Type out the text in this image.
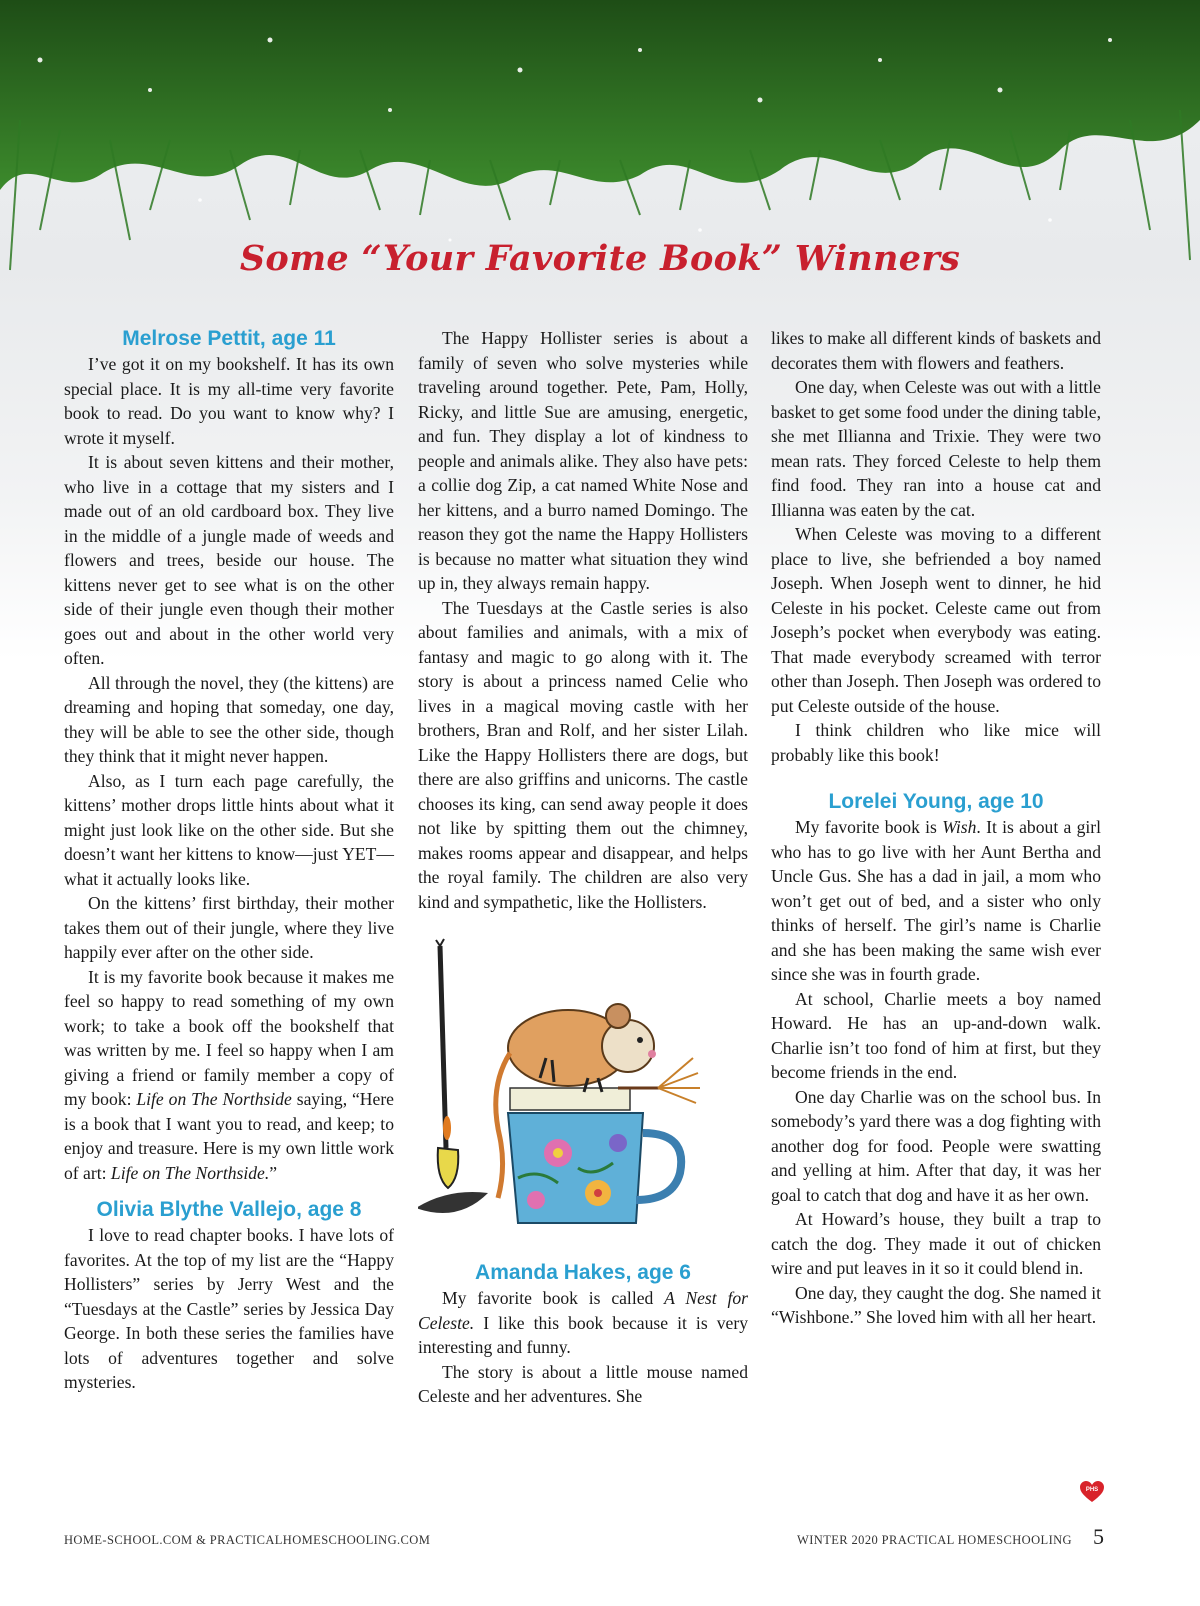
Some “Your Favorite Book” Winners

Melrose Pettit, age 11

I’ve got it on my bookshelf. It has its own special place. It is my all-time very favorite book to read. Do you want to know why? I wrote it myself.

It is about seven kittens and their mother, who live in a cottage that my sisters and I made out of an old cardboard box. They live in the middle of a jungle made of weeds and flowers and trees, beside our house. The kittens never get to see what is on the other side of their jungle even though their mother goes out and about in the other world very often.

All through the novel, they (the kittens) are dreaming and hoping that someday, one day, they will be able to see the other side, though they think that it might never happen.

Also, as I turn each page carefully, the kittens’ mother drops little hints about what it might just look like on the other side. But she doesn’t want her kittens to know—just YET—what it actually looks like.

On the kittens’ first birthday, their mother takes them out of their jungle, where they live happily ever after on the other side.

It is my favorite book because it makes me feel so happy to read something of my own work; to take a book off the bookshelf that was written by me. I feel so happy when I am giving a friend or family member a copy of my book: Life on The Northside saying, “Here is a book that I want you to read, and keep; to enjoy and treasure. Here is my own little work of art: Life on The Northside.”

Olivia Blythe Vallejo, age 8

I love to read chapter books. I have lots of favorites. At the top of my list are the “Happy Hollisters” series by Jerry West and the “Tuesdays at the Castle” series by Jessica Day George. In both these series the families have lots of adventures together and solve mysteries.

The Happy Hollister series is about a family of seven who solve mysteries while traveling around together. Pete, Pam, Holly, Ricky, and little Sue are amusing, energetic, and fun. They display a lot of kindness to people and animals alike. They also have pets: a collie dog Zip, a cat named White Nose and her kittens, and a burro named Domingo. The reason they got the name the Happy Hollisters is because no matter what situation they wind up in, they always remain happy.

The Tuesdays at the Castle series is also about families and animals, with a mix of fantasy and magic to go along with it. The story is about a princess named Celie who lives in a magical moving castle with her brothers, Bran and Rolf, and her sister Lilah. Like the Happy Hollisters there are dogs, but there are also griffins and unicorns. The castle chooses its king, can send away people it does not like by spitting them out the chimney, makes rooms appear and disappear, and helps the royal family. The children are also very kind and sympathetic, like the Hollisters.

Amanda Hakes, age 6

My favorite book is called A Nest for Celeste. I like this book because it is very interesting and funny.

The story is about a little mouse named Celeste and her adventures. She

likes to make all different kinds of baskets and decorates them with flowers and feathers.

One day, when Celeste was out with a little basket to get some food under the dining table, she met Illianna and Trixie. They were two mean rats. They forced Celeste to help them find food. They ran into a house cat and Illianna was eaten by the cat.

When Celeste was moving to a different place to live, she befriended a boy named Joseph. When Joseph went to dinner, he hid Celeste in his pocket. Celeste came out from Joseph’s pocket when everybody was eating. That made everybody screamed with terror other than Joseph. Then Joseph was ordered to put Celeste outside of the house.

I think children who like mice will probably like this book!

Lorelei Young, age 10

My favorite book is Wish. It is about a girl who has to go live with her Aunt Bertha and Uncle Gus. She has a dad in jail, a mom who won’t get out of bed, and a sister who only thinks of herself. The girl’s name is Charlie and she has been making the same wish ever since she was in fourth grade.

At school, Charlie meets a boy named Howard. He has an up-and-down walk. Charlie isn’t too fond of him at first, but they become friends in the end.

One day Charlie was on the school bus. In somebody’s yard there was a dog fighting with another dog for food. People were swatting and yelling at him. After that day, it was her goal to catch that dog and have it as her own.

At Howard’s house, they built a trap to catch the dog. They made it out of chicken wire and put leaves in it so it could blend in.

One day, they caught the dog. She named it “Wishbone.” She loved him with all her heart.

PHS
HOME-SCHOOL.COM & PRACTICALHOMESCHOOLING.COM	WINTER 2020 PRACTICAL HOMESCHOOLING 5
